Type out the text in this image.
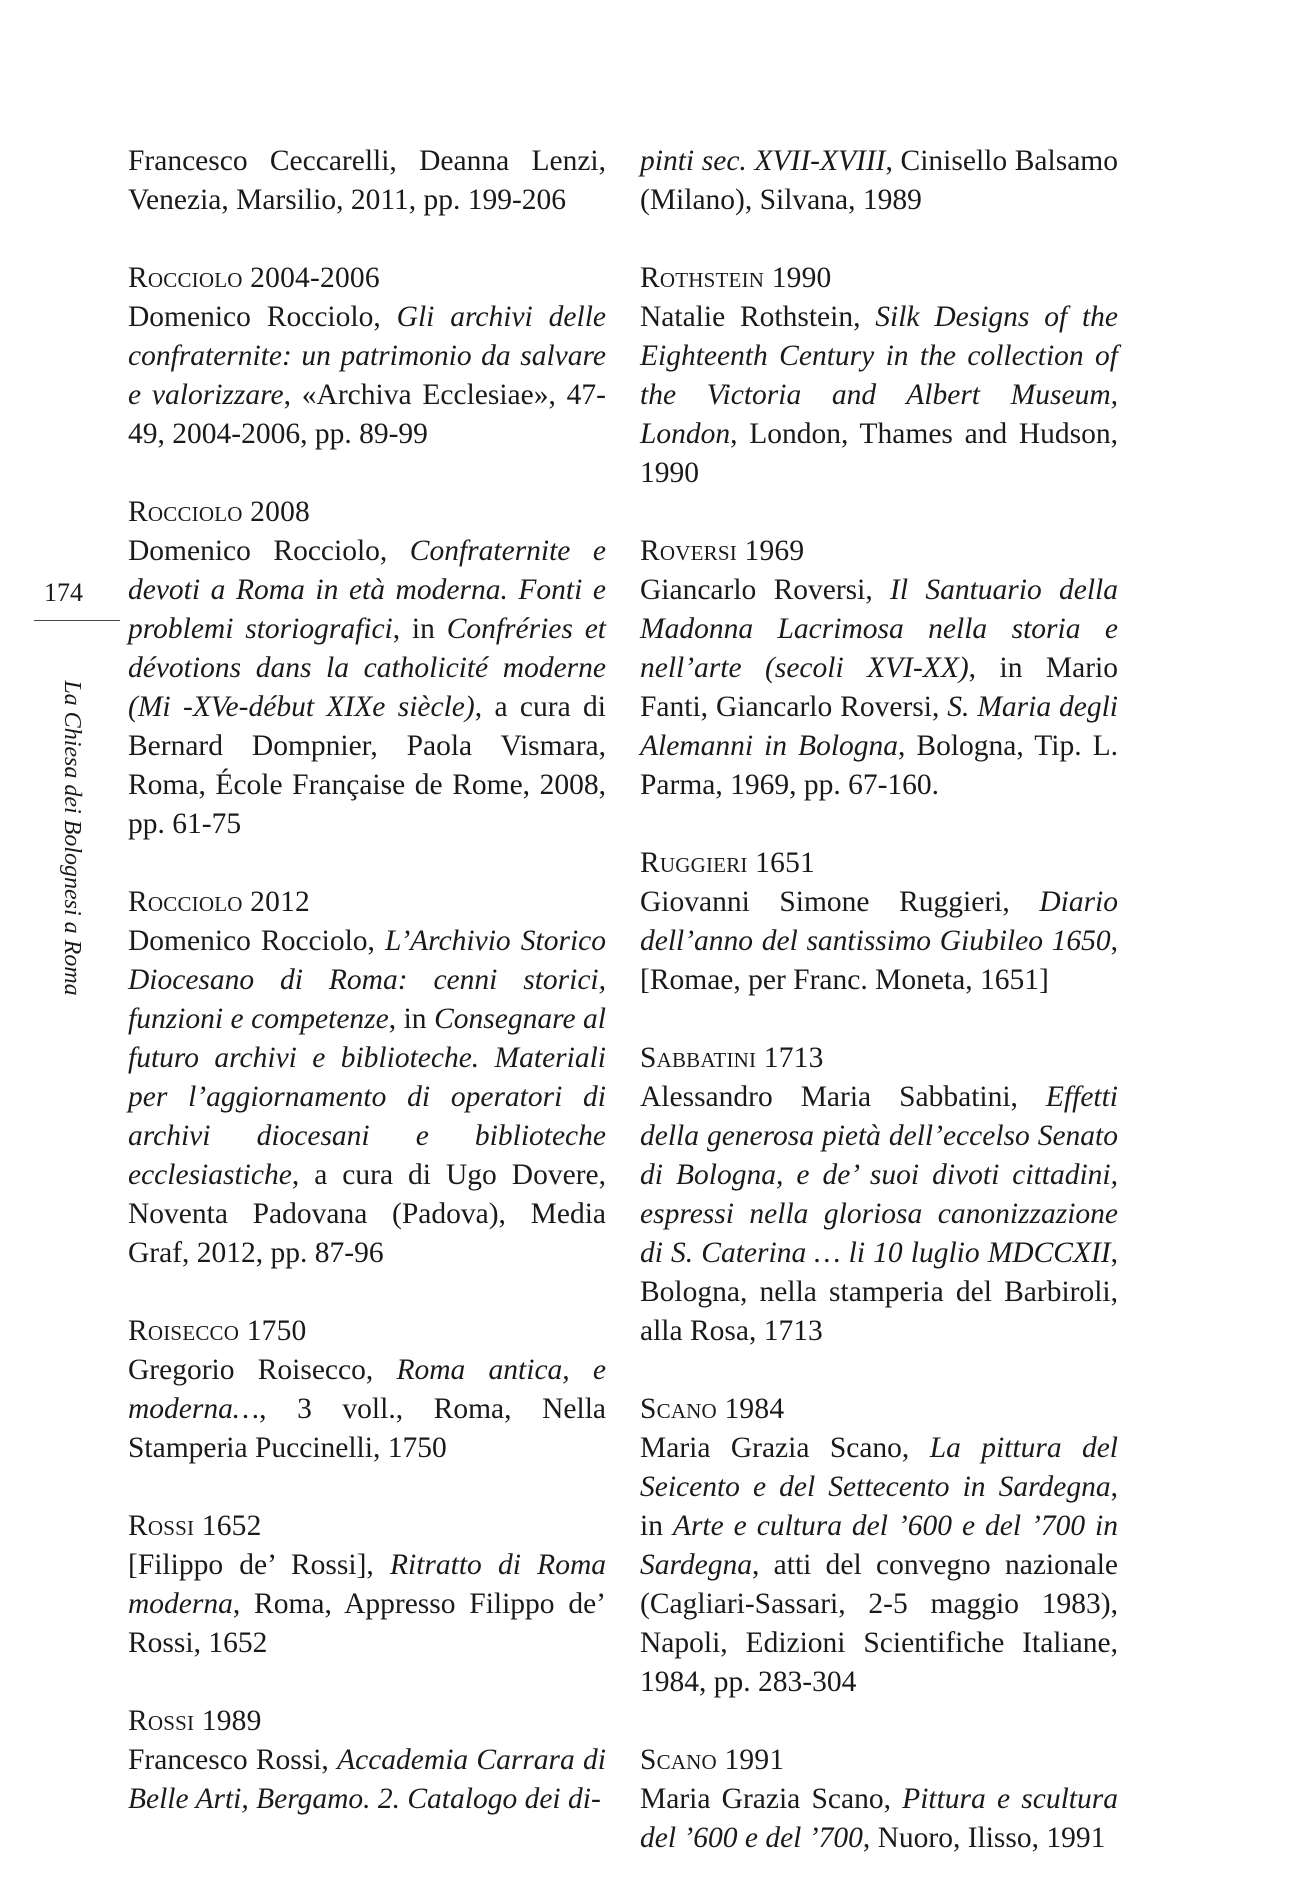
174
La Chiesa dei Bolognesi a Roma
Francesco Ceccarelli, Deanna Lenzi, Venezia, Marsilio, 2011, pp. 199-206
Rocciolo 2004-2006
Domenico Rocciolo, Gli archivi delle confraternite: un patrimonio da salvare e valorizzare, «Archiva Ecclesiae», 47-49, 2004-2006, pp. 89-99
Rocciolo 2008
Domenico Rocciolo, Confraternite e devoti a Roma in età moderna. Fonti e problemi storiografici, in Confréries et dévotions dans la catholicité moderne (Mi -XVe-début XIXe siècle), a cura di Bernard Dompnier, Paola Vismara, Roma, École Française de Rome, 2008, pp. 61-75
Rocciolo 2012
Domenico Rocciolo, L’Archivio Storico Diocesano di Roma: cenni storici, funzioni e competenze, in Consegnare al futuro archivi e biblioteche. Materiali per l’aggiornamento di operatori di archivi diocesani e biblioteche ecclesiastiche, a cura di Ugo Dovere, Noventa Padovana (Padova), Media Graf, 2012, pp. 87-96
Roisecco 1750
Gregorio Roisecco, Roma antica, e moderna…, 3 voll., Roma, Nella Stamperia Puccinelli, 1750
Rossi 1652
[Filippo de’ Rossi], Ritratto di Roma moderna, Roma, Appresso Filippo de’ Rossi, 1652
Rossi 1989
Francesco Rossi, Accademia Carrara di Belle Arti, Bergamo. 2. Catalogo dei di-
pinti sec. XVII-XVIII, Cinisello Balsamo (Milano), Silvana, 1989
Rothstein 1990
Natalie Rothstein, Silk Designs of the Eighteenth Century in the collection of the Victoria and Albert Museum, London, London, Thames and Hudson, 1990
Roversi 1969
Giancarlo Roversi, Il Santuario della Madonna Lacrimosa nella storia e nell’arte (secoli XVI-XX), in Mario Fanti, Giancarlo Roversi, S. Maria degli Alemanni in Bologna, Bologna, Tip. L. Parma, 1969, pp. 67-160.
Ruggieri 1651
Giovanni Simone Ruggieri, Diario dell’anno del santissimo Giubileo 1650, [Romae, per Franc. Moneta, 1651]
Sabbatini 1713
Alessandro Maria Sabbatini, Effetti della generosa pietà dell’eccelso Senato di Bologna, e de’ suoi divoti cittadini, espressi nella gloriosa canonizzazione di S. Caterina … li 10 luglio MDCCXII, Bologna, nella stamperia del Barbiroli, alla Rosa, 1713
Scano 1984
Maria Grazia Scano, La pittura del Seicento e del Settecento in Sardegna, in Arte e cultura del ’600 e del ’700 in Sardegna, atti del convegno nazionale (Cagliari-Sassari, 2-5 maggio 1983), Napoli, Edizioni Scientifiche Italiane, 1984, pp. 283-304
Scano 1991
Maria Grazia Scano, Pittura e scultura del ’600 e del ’700, Nuoro, Ilisso, 1991
